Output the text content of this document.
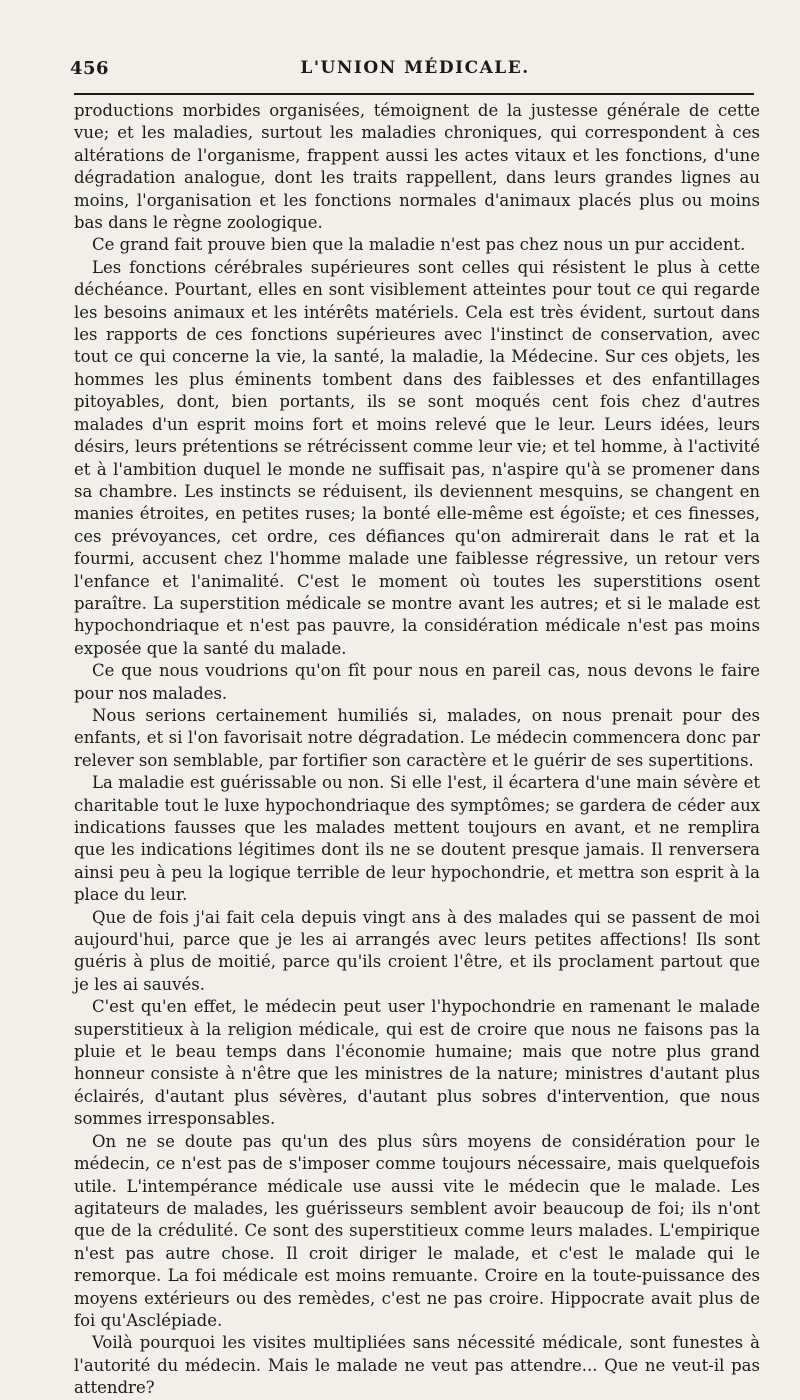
456	L'UNION MÉDICALE.

productions morbides organisées, témoignent de la justesse générale de cette vue; et les maladies, surtout les maladies chroniques, qui correspondent à ces altérations de l'organisme, frappent aussi les actes vitaux et les fonctions, d'une dégradation analogue, dont les traits rappellent, dans leurs grandes lignes au moins, l'organisation et les fonctions normales d'animaux placés plus ou moins bas dans le règne zoologique.

Ce grand fait prouve bien que la maladie n'est pas chez nous un pur accident.

Les fonctions cérébrales supérieures sont celles qui résistent le plus à cette déchéance. Pourtant, elles en sont visiblement atteintes pour tout ce qui regarde les besoins animaux et les intérêts matériels. Cela est très évident, surtout dans les rapports de ces fonctions supérieures avec l'instinct de conservation, avec tout ce qui concerne la vie, la santé, la maladie, la Médecine. Sur ces objets, les hommes les plus éminents tombent dans des faiblesses et des enfantillages pitoyables, dont, bien portants, ils se sont moqués cent fois chez d'autres malades d'un esprit moins fort et moins relevé que le leur. Leurs idées, leurs désirs, leurs prétentions se rétrécissent comme leur vie; et tel homme, à l'activité et à l'ambition duquel le monde ne suffisait pas, n'aspire qu'à se promener dans sa chambre. Les instincts se réduisent, ils deviennent mesquins, se changent en manies étroites, en petites ruses; la bonté elle-même est égoïste; et ces finesses, ces prévoyances, cet ordre, ces défiances qu'on admirerait dans le rat et la fourmi, accusent chez l'homme malade une faiblesse régressive, un retour vers l'enfance et l'animalité. C'est le moment où toutes les superstitions osent paraître. La superstition médicale se montre avant les autres; et si le malade est hypochondriaque et n'est pas pauvre, la considération médicale n'est pas moins exposée que la santé du malade.

Ce que nous voudrions qu'on fît pour nous en pareil cas, nous devons le faire pour nos malades.

Nous serions certainement humiliés si, malades, on nous prenait pour des enfants, et si l'on favorisait notre dégradation. Le médecin commencera donc par relever son semblable, par fortifier son caractère et le guérir de ses supertitions.

La maladie est guérissable ou non. Si elle l'est, il écartera d'une main sévère et charitable tout le luxe hypochondriaque des symptômes; se gardera de céder aux indications fausses que les malades mettent toujours en avant, et ne remplira que les indications légitimes dont ils ne se doutent presque jamais. Il renversera ainsi peu à peu la logique terrible de leur hypochondrie, et mettra son esprit à la place du leur.

Que de fois j'ai fait cela depuis vingt ans à des malades qui se passent de moi aujourd'hui, parce que je les ai arrangés avec leurs petites affections! Ils sont guéris à plus de moitié, parce qu'ils croient l'être, et ils proclament partout que je les ai sauvés.

C'est qu'en effet, le médecin peut user l'hypochondrie en ramenant le malade superstitieux à la religion médicale, qui est de croire que nous ne faisons pas la pluie et le beau temps dans l'économie humaine; mais que notre plus grand honneur consiste à n'être que les ministres de la nature; ministres d'autant plus éclairés, d'autant plus sévères, d'autant plus sobres d'intervention, que nous sommes irresponsables.

On ne se doute pas qu'un des plus sûrs moyens de considération pour le médecin, ce n'est pas de s'imposer comme toujours nécessaire, mais quelquefois utile. L'intempérance médicale use aussi vite le médecin que le malade. Les agitateurs de malades, les guérisseurs semblent avoir beaucoup de foi; ils n'ont que de la crédulité. Ce sont des superstitieux comme leurs malades. L'empirique n'est pas autre chose. Il croit diriger le malade, et c'est le malade qui le remorque. La foi médicale est moins remuante. Croire en la toute-puissance des moyens extérieurs ou des remèdes, c'est ne pas croire. Hippocrate avait plus de foi qu'Asclépiade.

Voilà pourquoi les visites multipliées sans nécessité médicale, sont funestes à l'autorité du médecin. Mais le malade ne veut pas attendre... Que ne veut-il pas attendre?
